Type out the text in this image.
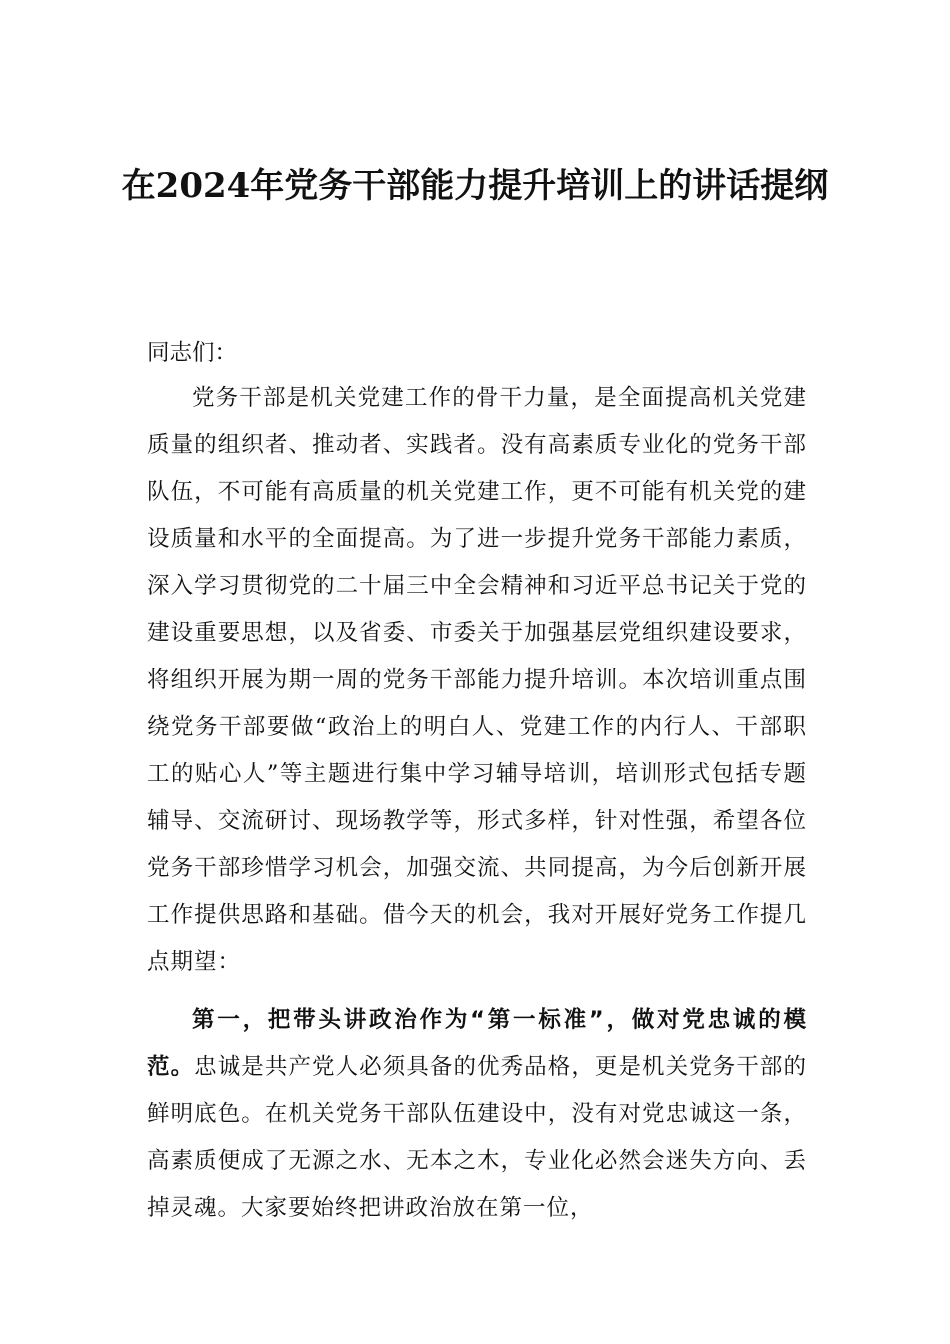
在2024年党务干部能力提升培训上的讲话提纲
同志们：
党务干部是机关党建工作的骨干力量，是全面提高机关党建质量的组织者、推动者、实践者。没有高素质专业化的党务干部队伍，不可能有高质量的机关党建工作，更不可能有机关党的建设质量和水平的全面提高。为了进一步提升党务干部能力素质，深入学习贯彻党的二十届三中全会精神和习近平总书记关于党的建设重要思想，以及省委、市委关于加强基层党组织建设要求，将组织开展为期一周的党务干部能力提升培训。本次培训重点围绕党务干部要做“政治上的明白人、党建工作的内行人、干部职工的贴心人”等主题进行集中学习辅导培训，培训形式包括专题辅导、交流研讨、现场教学等，形式多样，针对性强，希望各位党务干部珍惜学习机会，加强交流、共同提高，为今后创新开展工作提供思路和基础。借今天的机会，我对开展好党务工作提几点期望：
第一，把带头讲政治作为“第一标准”，做对党忠诚的模范。忠诚是共产党人必须具备的优秀品格，更是机关党务干部的鲜明底色。在机关党务干部队伍建设中，没有对党忠诚这一条，高素质便成了无源之水、无本之木，专业化必然会迷失方向、丢掉灵魂。大家要始终把讲政治放在第一位，
